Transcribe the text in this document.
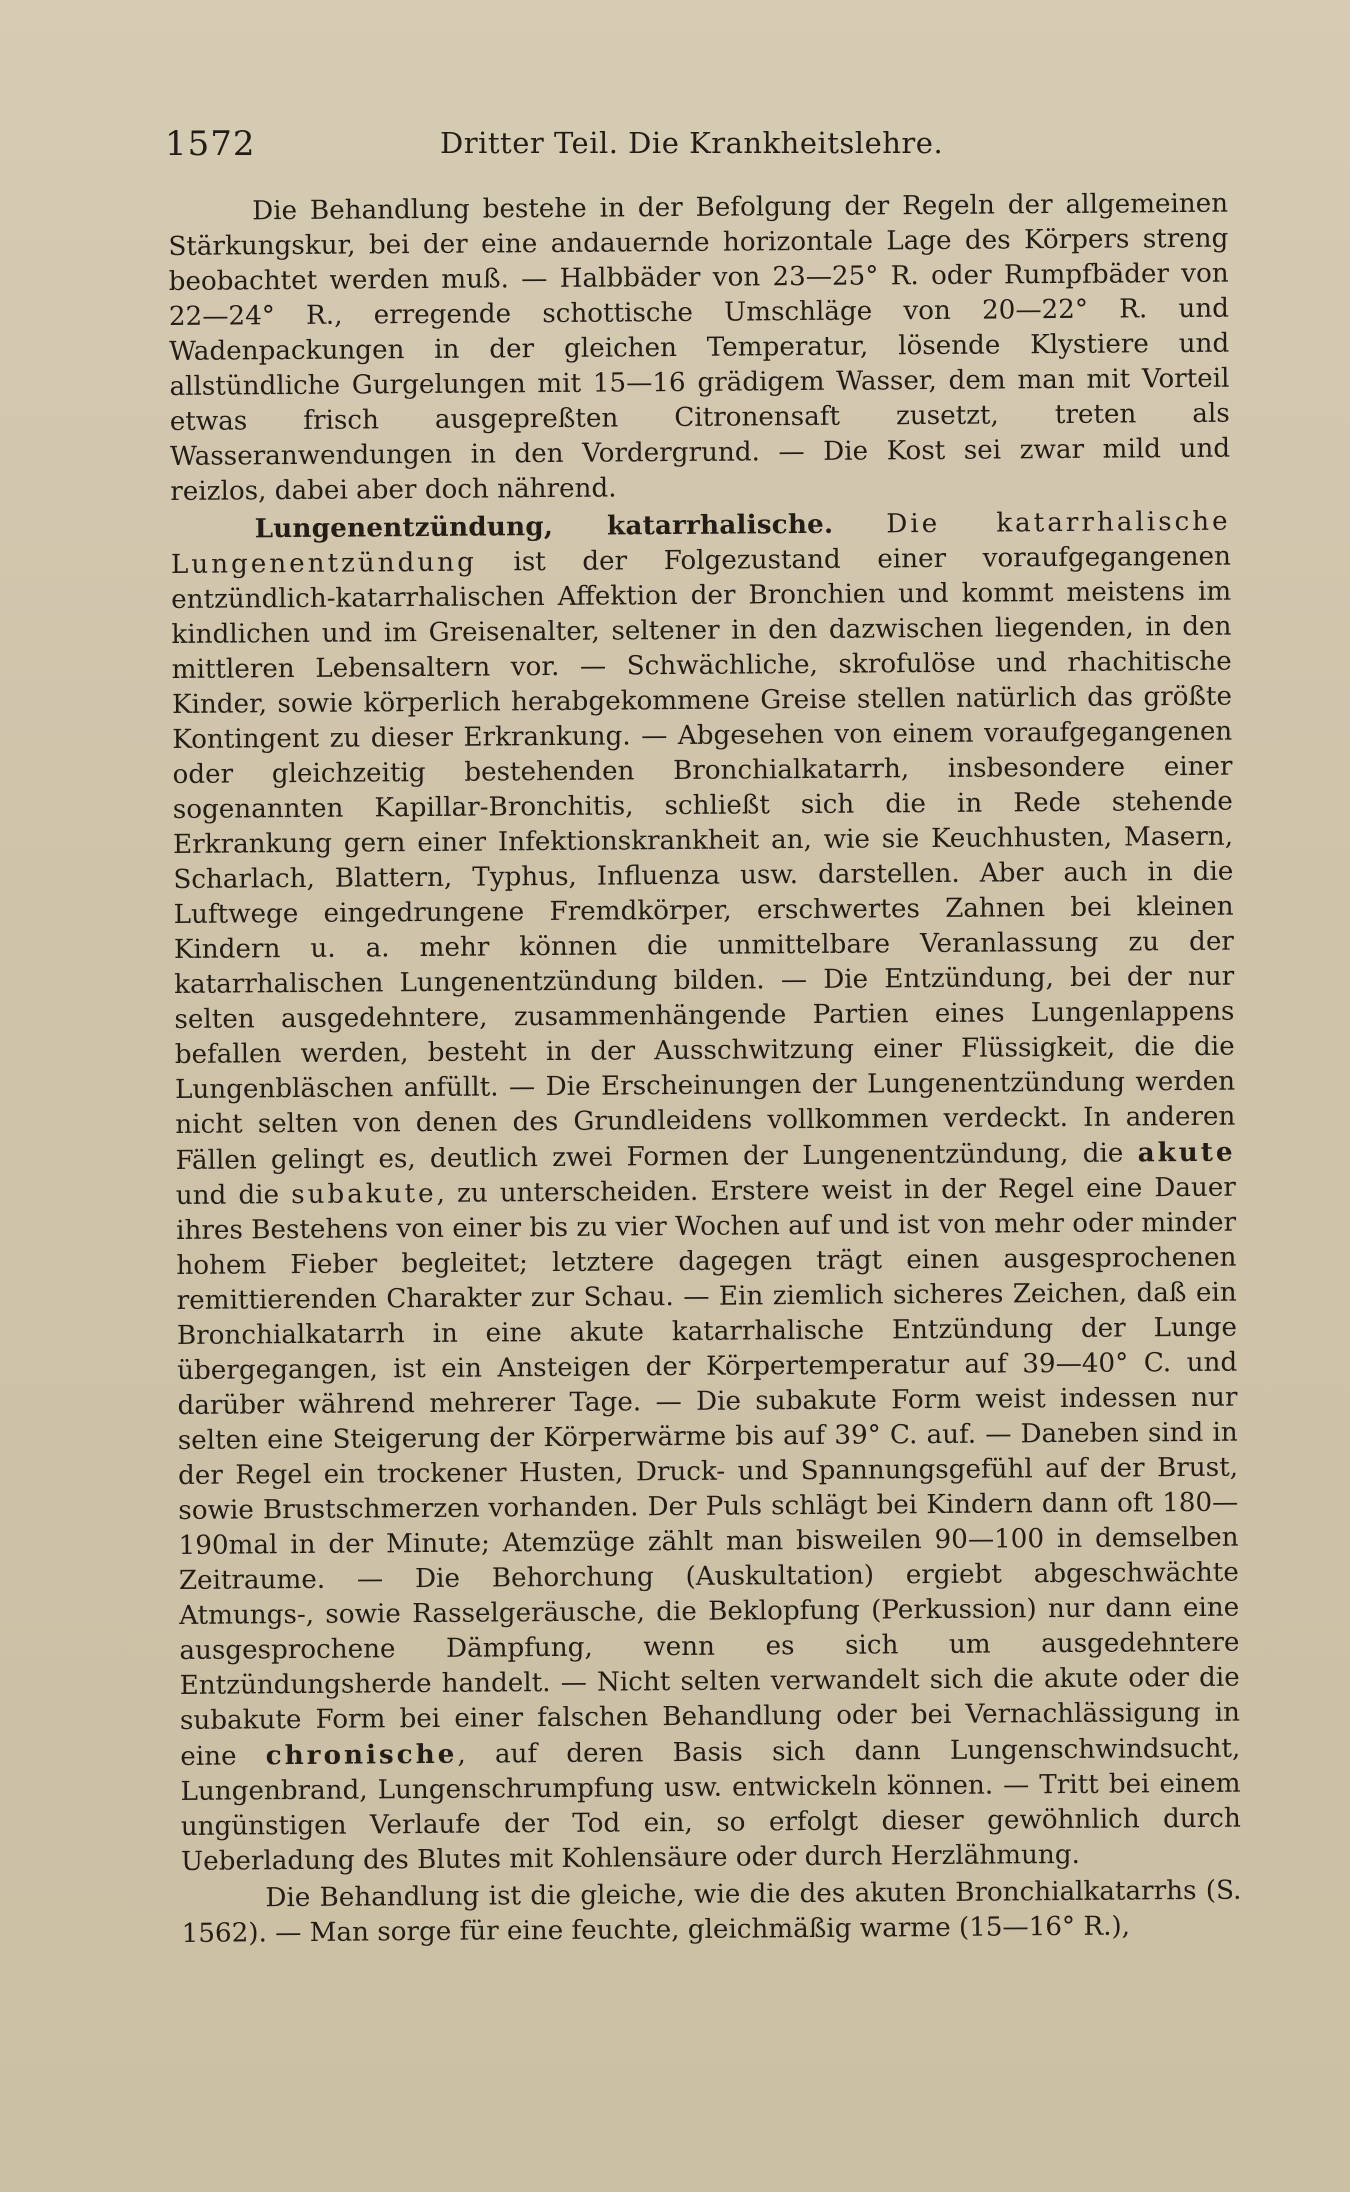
1572	Dritter Teil. Die Krankheitslehre.

Die Behandlung bestehe in der Befolgung der Regeln der allgemeinen Stärkungskur, bei der eine andauernde horizontale Lage des Körpers streng beobachtet werden muß. — Halbbäder von 23—25° R. oder Rumpfbäder von 22—24° R., erregende schottische Umschläge von 20—22° R. und Wadenpackungen in der gleichen Temperatur, lösende Klystiere und allstündliche Gurgelungen mit 15—16 grädigem Wasser, dem man mit Vorteil etwas frisch ausgepreßten Citronensaft zusetzt, treten als Wasseranwendungen in den Vordergrund. — Die Kost sei zwar mild und reizlos, dabei aber doch nährend.

Lungenentzündung, katarrhalische. Die katarrhalische Lungenentzündung ist der Folgezustand einer voraufgegangenen entzündlich-katarrhalischen Affektion der Bronchien und kommt meistens im kindlichen und im Greisenalter, seltener in den dazwischen liegenden, in den mittleren Lebensaltern vor. — Schwächliche, skrofulöse und rhachitische Kinder, sowie körperlich herabgekommene Greise stellen natürlich das größte Kontingent zu dieser Erkrankung. — Abgesehen von einem voraufgegangenen oder gleichzeitig bestehenden Bronchialkatarrh, insbesondere einer sogenannten Kapillar-Bronchitis, schließt sich die in Rede stehende Erkrankung gern einer Infektionskrankheit an, wie sie Keuchhusten, Masern, Scharlach, Blattern, Typhus, Influenza usw. darstellen. Aber auch in die Luftwege eingedrungene Fremdkörper, erschwertes Zahnen bei kleinen Kindern u. a. mehr können die unmittelbare Veranlassung zu der katarrhalischen Lungenentzündung bilden. — Die Entzündung, bei der nur selten ausgedehntere, zusammenhängende Partien eines Lungenlappens befallen werden, besteht in der Ausschwitzung einer Flüssigkeit, die die Lungenbläschen anfüllt. — Die Erscheinungen der Lungenentzündung werden nicht selten von denen des Grundleidens vollkommen verdeckt. In anderen Fällen gelingt es, deutlich zwei Formen der Lungenentzündung, die akute und die subakute, zu unterscheiden. Erstere weist in der Regel eine Dauer ihres Bestehens von einer bis zu vier Wochen auf und ist von mehr oder minder hohem Fieber begleitet; letztere dagegen trägt einen ausgesprochenen remittierenden Charakter zur Schau. — Ein ziemlich sicheres Zeichen, daß ein Bronchialkatarrh in eine akute katarrhalische Entzündung der Lunge übergegangen, ist ein Ansteigen der Körpertemperatur auf 39—40° C. und darüber während mehrerer Tage. — Die subakute Form weist indessen nur selten eine Steigerung der Körperwärme bis auf 39° C. auf. — Daneben sind in der Regel ein trockener Husten, Druck- und Spannungsgefühl auf der Brust, sowie Brustschmerzen vorhanden. Der Puls schlägt bei Kindern dann oft 180—190mal in der Minute; Atemzüge zählt man bisweilen 90—100 in demselben Zeitraume. — Die Behorchung (Auskultation) ergiebt abgeschwächte Atmungs-, sowie Rasselgeräusche, die Beklopfung (Perkussion) nur dann eine ausgesprochene Dämpfung, wenn es sich um ausgedehntere Entzündungsherde handelt. — Nicht selten verwandelt sich die akute oder die subakute Form bei einer falschen Behandlung oder bei Vernachlässigung in eine chronische, auf deren Basis sich dann Lungenschwindsucht, Lungenbrand, Lungenschrumpfung usw. entwickeln können. — Tritt bei einem ungünstigen Verlaufe der Tod ein, so erfolgt dieser gewöhnlich durch Ueberladung des Blutes mit Kohlensäure oder durch Herzlähmung.

Die Behandlung ist die gleiche, wie die des akuten Bronchialkatarrhs (S. 1562). — Man sorge für eine feuchte, gleichmäßig warme (15—16° R.),
